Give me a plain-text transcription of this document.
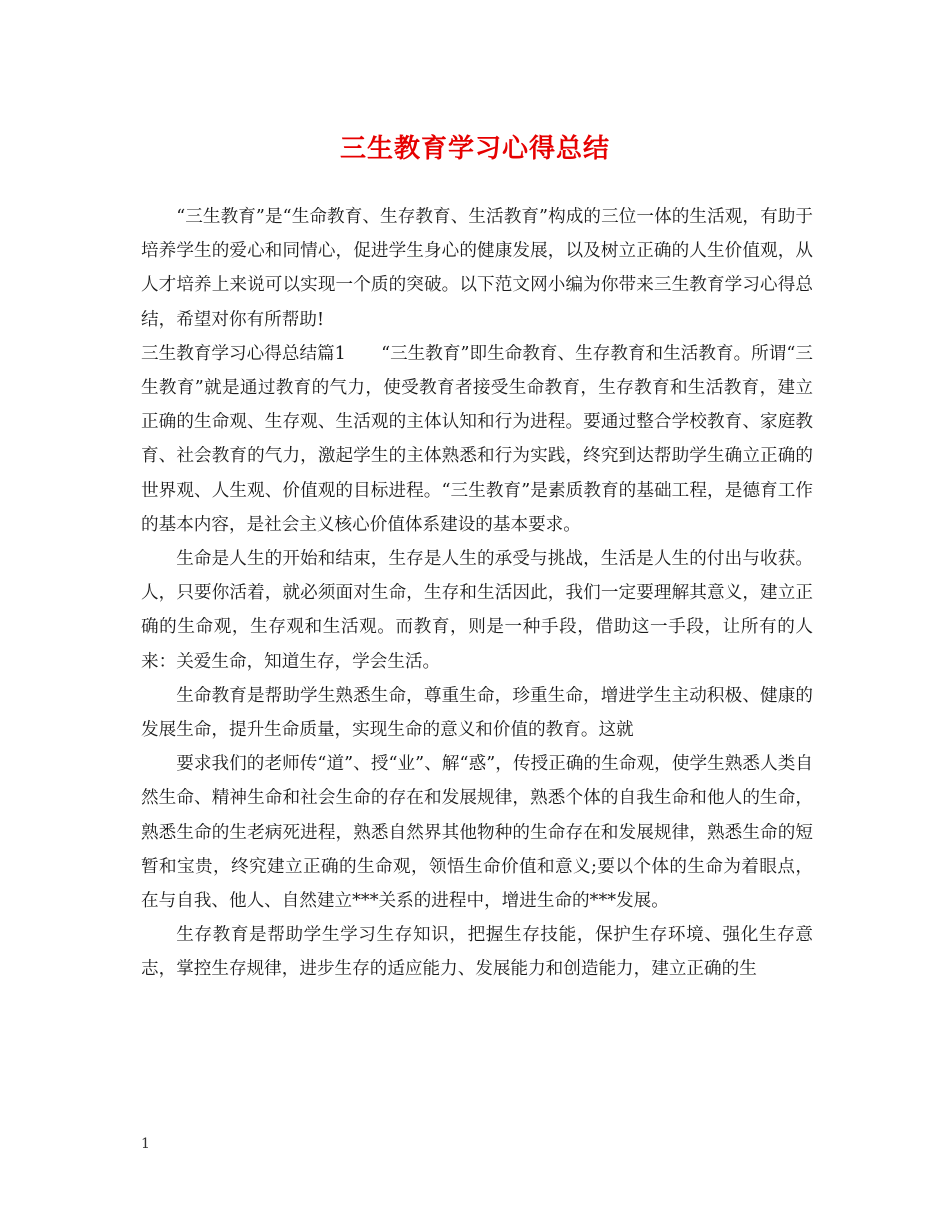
三生教育学习心得总结

“三生教育”是“生命教育、生存教育、生活教育”构成的三位一体的生活观，有助于培养学生的爱心和同情心，促进学生身心的健康发展，以及树立正确的人生价值观，从人才培养上来说可以实现一个质的突破。以下范文网小编为你带来三生教育学习心得总结，希望对你有所帮助!

三生教育学习心得总结篇1　　“三生教育”即生命教育、生存教育和生活教育。所谓“三生教育”就是通过教育的气力，使受教育者接受生命教育，生存教育和生活教育，建立正确的生命观、生存观、生活观的主体认知和行为进程。要通过整合学校教育、家庭教育、社会教育的气力，激起学生的主体熟悉和行为实践，终究到达帮助学生确立正确的世界观、人生观、价值观的目标进程。“三生教育”是素质教育的基础工程，是德育工作的基本内容，是社会主义核心价值体系建设的基本要求。

生命是人生的开始和结束，生存是人生的承受与挑战，生活是人生的付出与收获。人，只要你活着，就必须面对生命，生存和生活因此，我们一定要理解其意义，建立正确的生命观，生存观和生活观。而教育，则是一种手段，借助这一手段，让所有的人来：关爱生命，知道生存，学会生活。

生命教育是帮助学生熟悉生命，尊重生命，珍重生命，增进学生主动积极、健康的发展生命，提升生命质量，实现生命的意义和价值的教育。这就

要求我们的老师传“道”、授“业”、解“惑”，传授正确的生命观，使学生熟悉人类自然生命、精神生命和社会生命的存在和发展规律，熟悉个体的自我生命和他人的生命，熟悉生命的生老病死进程，熟悉自然界其他物种的生命存在和发展规律，熟悉生命的短暂和宝贵，终究建立正确的生命观，领悟生命价值和意义;要以个体的生命为着眼点，在与自我、他人、自然建立***关系的进程中，增进生命的***发展。

生存教育是帮助学生学习生存知识，把握生存技能，保护生存环境、强化生存意志，掌控生存规律，进步生存的适应能力、发展能力和创造能力，建立正确的生

1
